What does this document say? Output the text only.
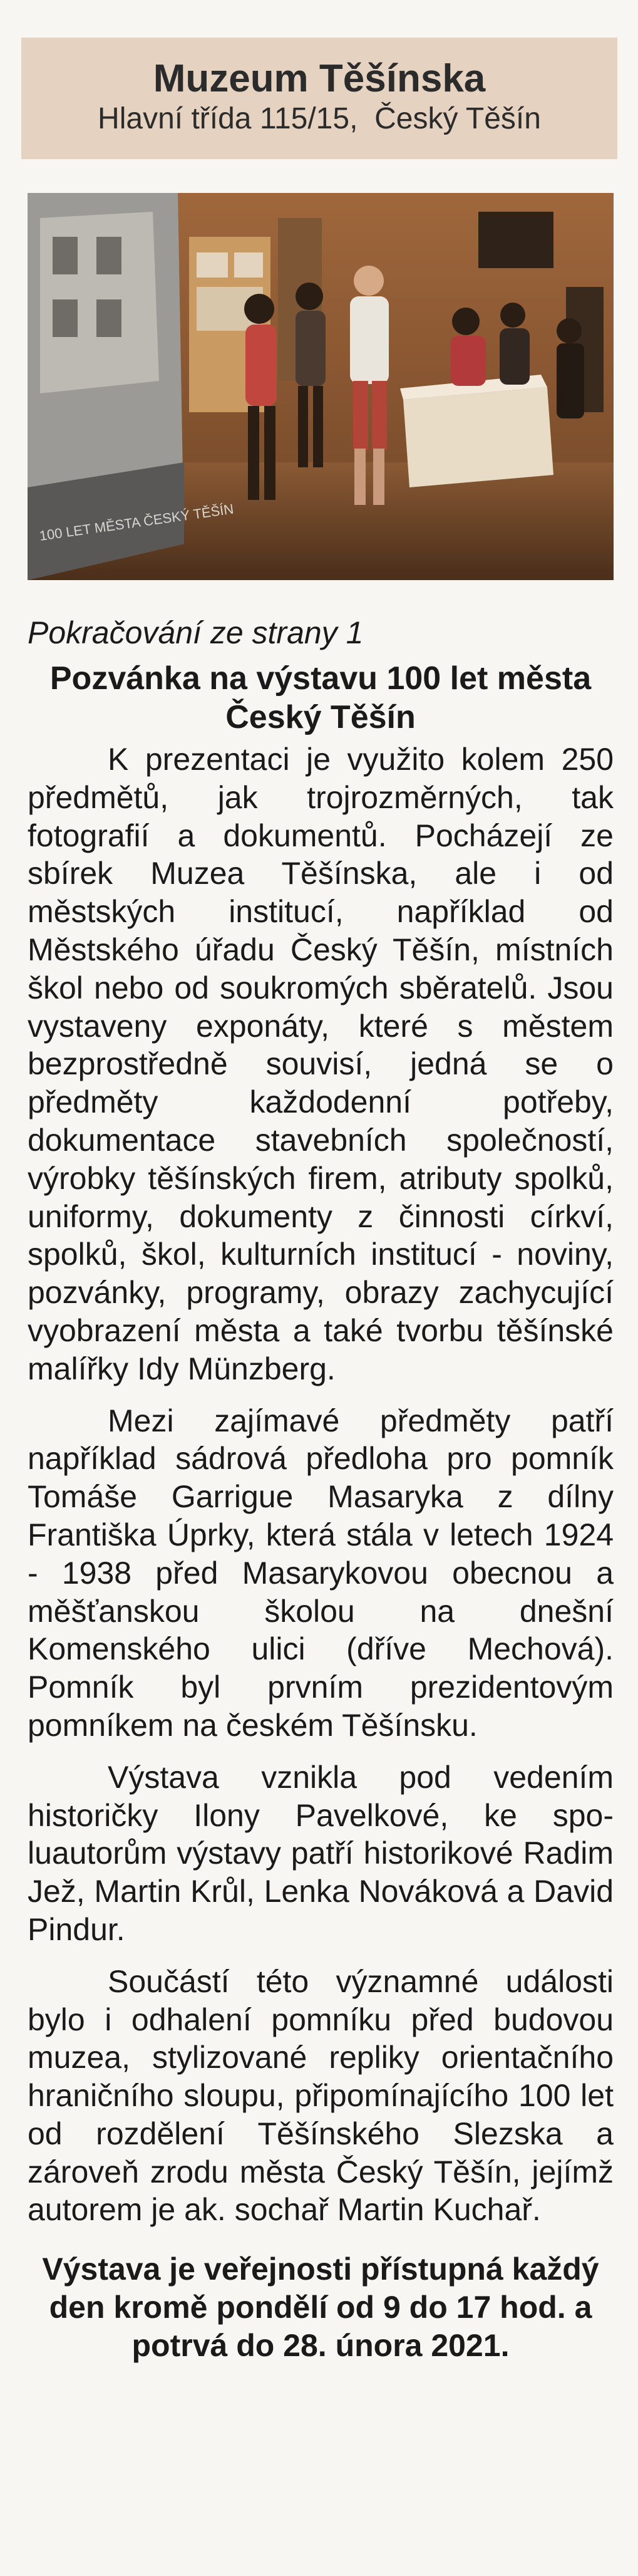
Muzeum Těšínska
Hlavní třída 115/15,  Český Těšín
100 LET MĚSTA ČESKÝ TĚŠÍN
Pokračování ze strany 1
Pozvánka na výstavu 100 let města Český Těšín

K prezentaci je využito kolem 250 předmětů, jak trojrozměrných, tak fotografií a dokumentů. Pocházejí ze sbírek Muzea Těšínska, ale i od městských institucí, například od Městského úřadu Český Těšín, místních škol nebo od soukromých sběratelů. Jsou vystaveny exponáty, které s městem bezprostředně souvisí, jedná se o předměty každodenní potřeby, dokumentace stavebních společností, výrobky těšínských firem, atributy spolků, uniformy, dokumenty z činnosti církví, spolků, škol, kulturních institucí - noviny, pozvánky, programy, obrazy zachycující vyobrazení města a také tvorbu těšínské malířky Idy Münzberg.

Mezi zajímavé předměty patří například sádrová předloha pro pomník Tomáše Garrigue Masaryka z dílny Františka Úprky, která stála v letech 1924 - 1938 před Masarykovou obecnou a měšťanskou školou na dnešní Komenského ulici (dříve Mechová). Pomník byl prvním prezidentovým pomníkem na českém Těšínsku.

Výstava vznikla pod vedením historičky Ilony Pavelkové, ke spoluautorům výstavy patří historikové Radim Jež, Martin Krůl, Lenka Nováková a David Pindur.

Součástí této významné události bylo i odhalení pomníku před budovou muzea, stylizované repliky orientačního hraničního sloupu, připomínajícího 100 let od rozdělení Těšínského Slezska a zároveň zrodu města Český Těšín, jejímž autorem je ak. sochař Martin Kuchař.

Výstava je veřejnosti přístupná každý den kromě pondělí od 9 do 17 hod. a potrvá do 28. února 2021.
